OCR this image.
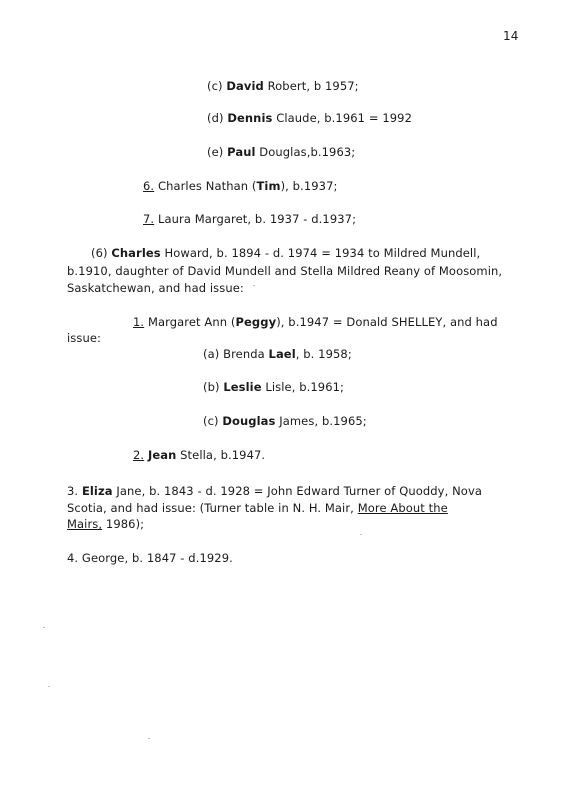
14
(c) David Robert, b 1957;
(d) Dennis Claude, b.1961 = 1992
(e) Paul Douglas,b.1963;
6. Charles Nathan (Tim), b.1937;
7. Laura Margaret, b. 1937 - d.1937;
(6) Charles Howard, b. 1894 - d. 1974 = 1934 to Mildred Mundell,
b.1910, daughter of David Mundell and Stella Mildred Reany of Moosomin,
Saskatchewan, and had issue:
1. Margaret Ann (Peggy), b.1947 = Donald SHELLEY, and had
issue:
(a) Brenda Lael, b. 1958;
(b) Leslie Lisle, b.1961;
(c) Douglas James, b.1965;
2. Jean Stella, b.1947.
3. Eliza Jane, b. 1843 - d. 1928 = John Edward Turner of Quoddy, Nova
Scotia, and had issue: (Turner table in N. H. Mair, More About the
Mairs, 1986);
4. George, b. 1847 - d.1929.
